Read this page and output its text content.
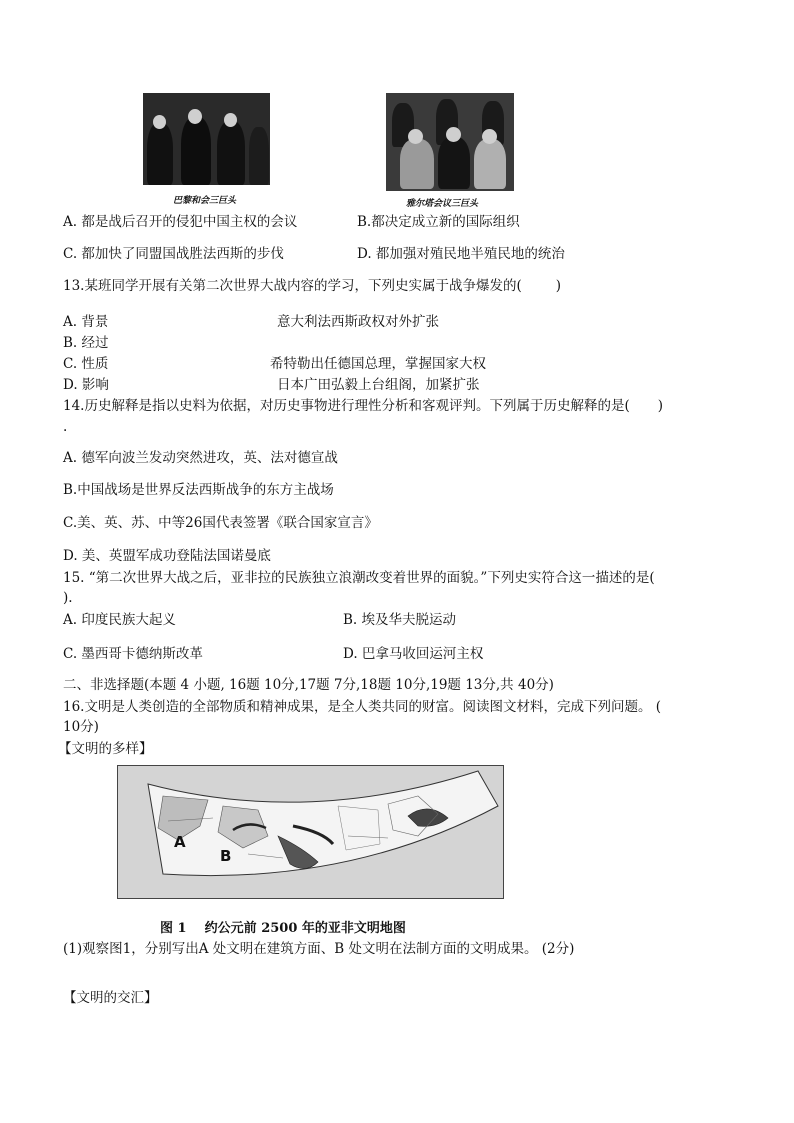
巴黎和会三巨头	雅尔塔会议三巨头
A. 都是战后召开的侵犯中国主权的会议	B.都决定成立新的国际组织
C. 都加快了同盟国战胜法西斯的步伐	D. 都加强对殖民地半殖民地的统治
13.某班同学开展有关第二次世界大战内容的学习，下列史实属于战争爆发的(	)
A. 背景	意大利法西斯政权对外扩张
B. 经过
C. 性质	希特勒出任德国总理，掌握国家大权
D. 影响	日本广田弘毅上台组阁，加紧扩张
14.历史解释是指以史料为依据，对历史事物进行理性分析和客观评判。下列属于历史解释的是( )
.
A. 德军向波兰发动突然进攻，英、法对德宣战
B.中国战场是世界反法西斯战争的东方主战场
C.美、英、苏、中等26国代表签署《联合国家宣言》
D. 美、英盟军成功登陆法国诺曼底
15. “第二次世界大战之后，亚非拉的民族独立浪潮改变着世界的面貌。”下列史实符合这一描述的是(
).
A. 印度民族大起义	B. 埃及华夫脱运动
C. 墨西哥卡德纳斯改革	D. 巴拿马收回运河主权
二、非选择题(本题 4 小题, 16题 10分,17题 7分,18题 10分,19题 13分,共 40分)
16.文明是人类创造的全部物质和精神成果，是全人类共同的财富。阅读图文材料，完成下列问题。 (
10分)
【文明的多样】
A
B
图 1    约公元前 2500 年的亚非文明地图
(1)观察图1，分别写出A 处文明在建筑方面、B 处文明在法制方面的文明成果。 (2分)
【文明的交汇】
